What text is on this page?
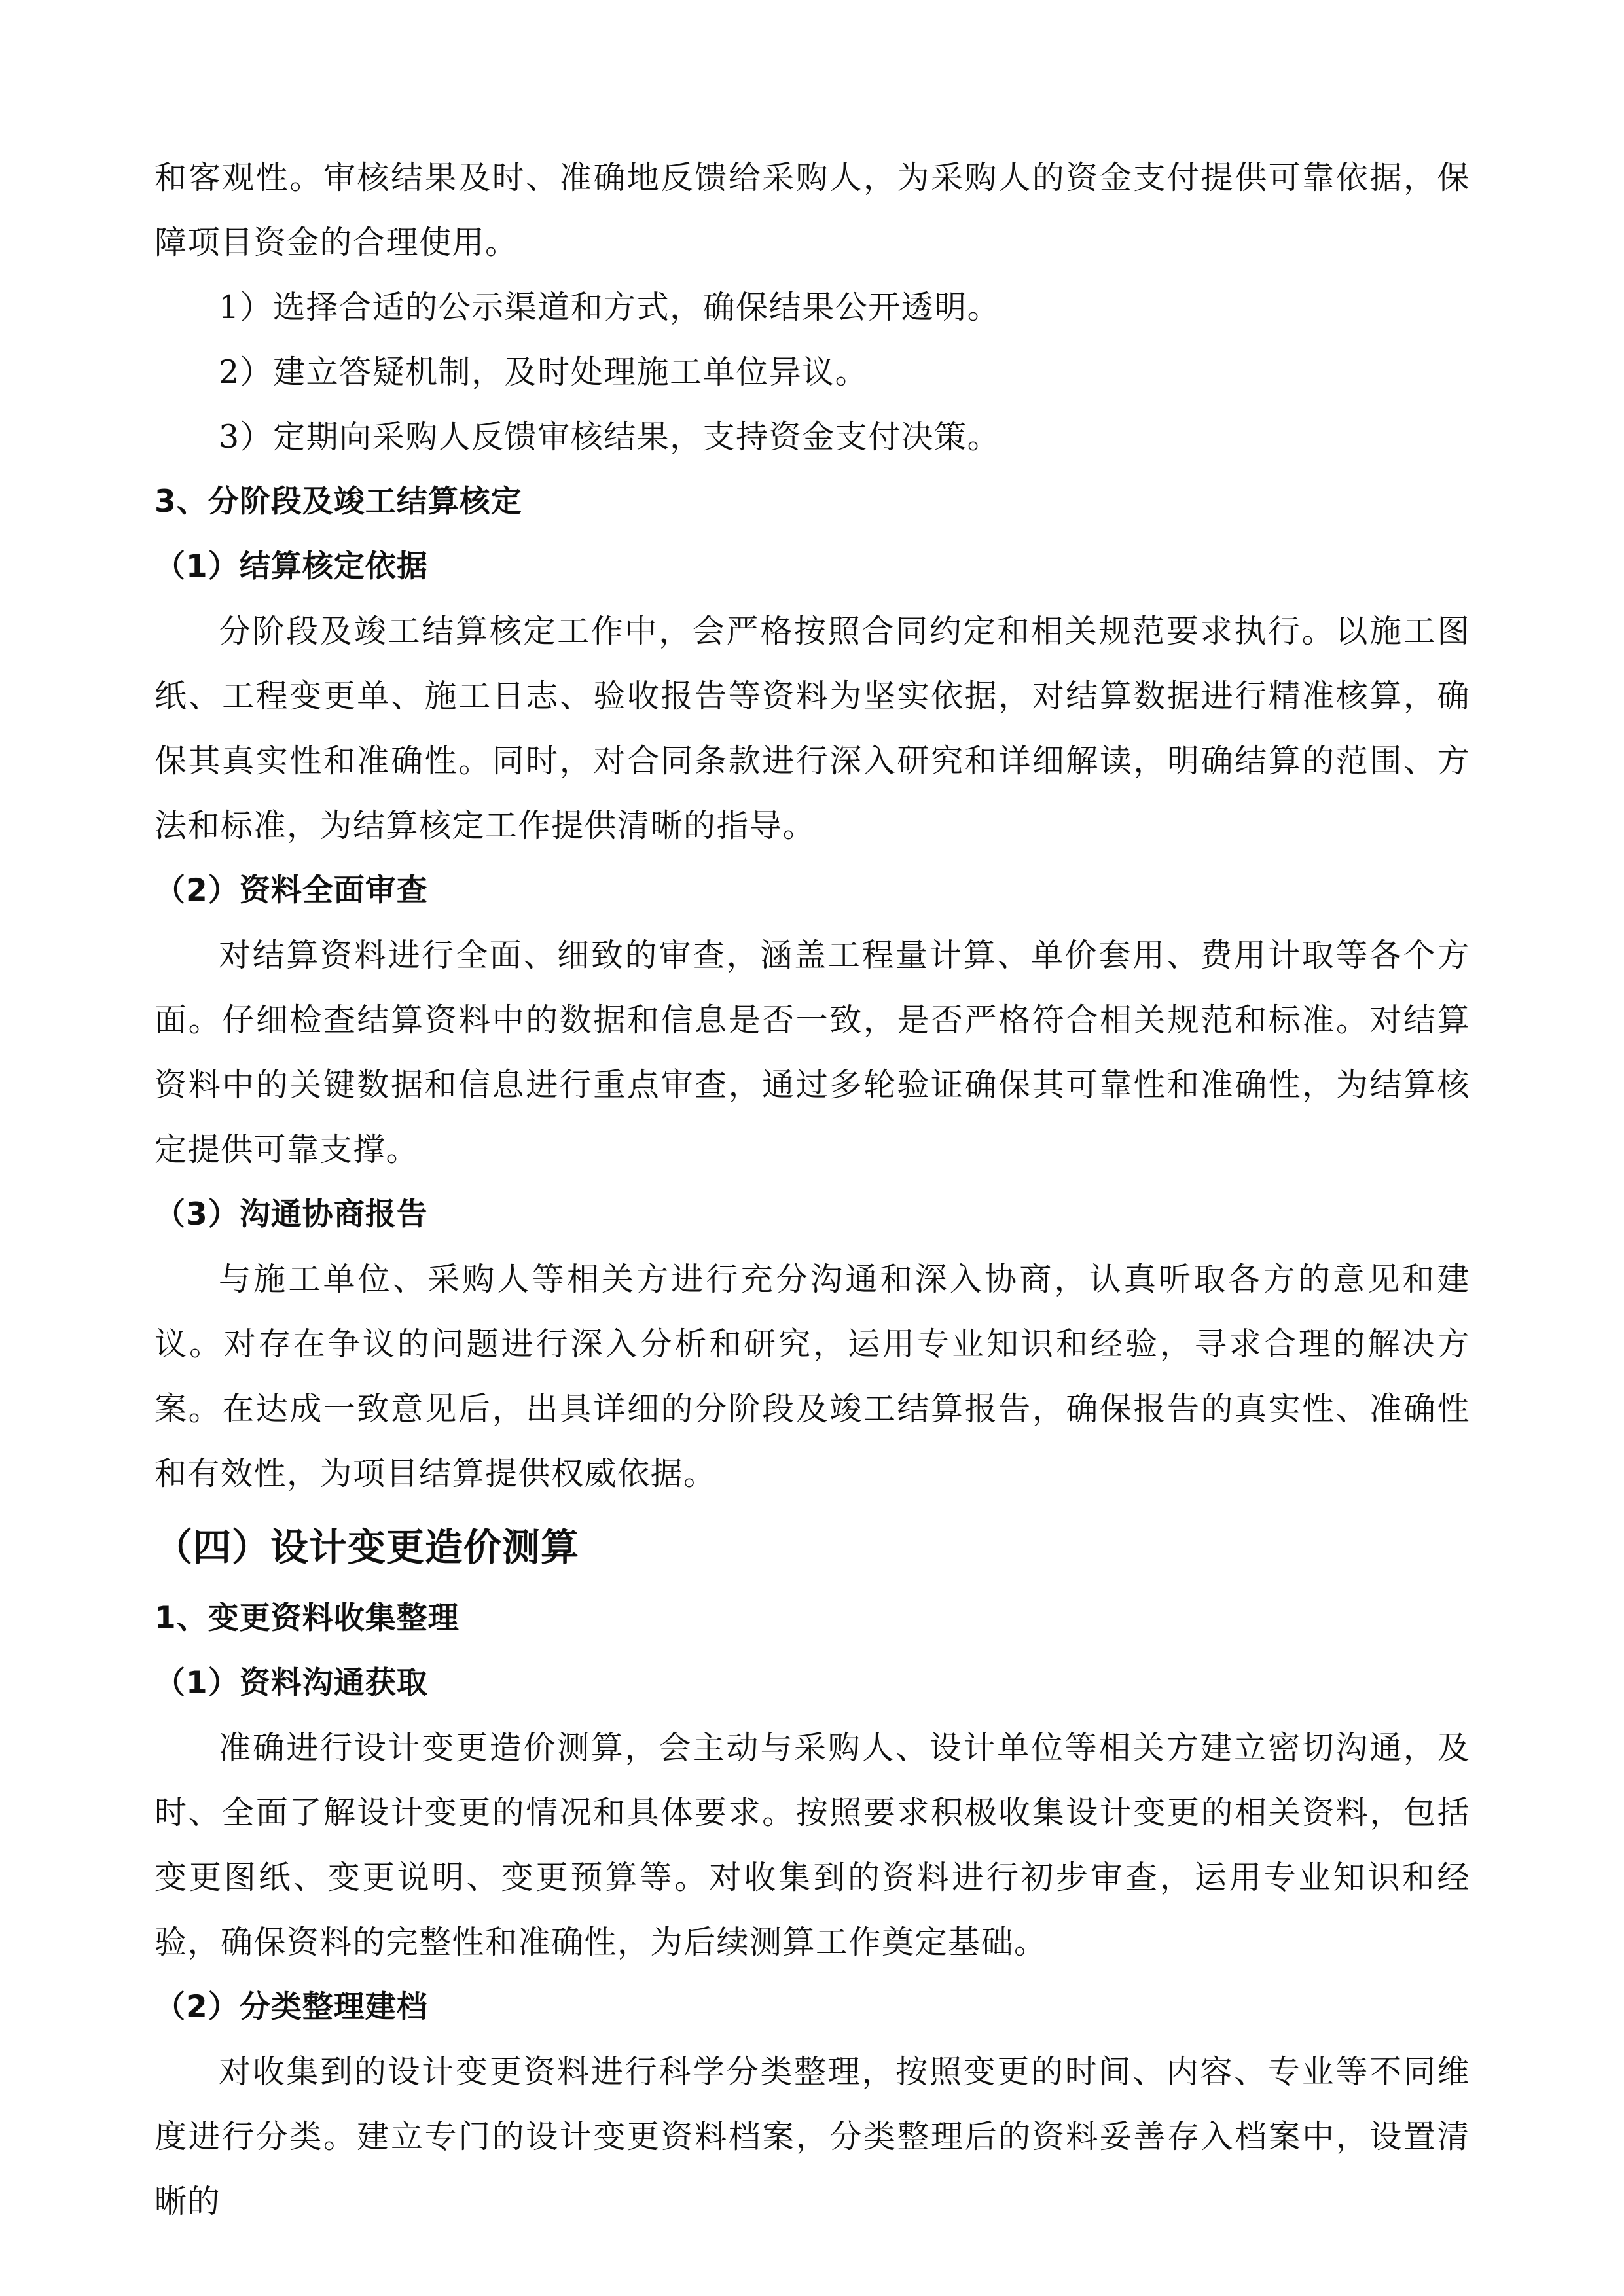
和客观性。审核结果及时、准确地反馈给采购人，为采购人的资金支付提供可靠依据，保障项目资金的合理使用。

1）选择合适的公示渠道和方式，确保结果公开透明。

2）建立答疑机制，及时处理施工单位异议。

3）定期向采购人反馈审核结果，支持资金支付决策。

3、分阶段及竣工结算核定

（1）结算核定依据

分阶段及竣工结算核定工作中，会严格按照合同约定和相关规范要求执行。以施工图纸、工程变更单、施工日志、验收报告等资料为坚实依据，对结算数据进行精准核算，确保其真实性和准确性。同时，对合同条款进行深入研究和详细解读，明确结算的范围、方法和标准，为结算核定工作提供清晰的指导。

（2）资料全面审查

对结算资料进行全面、细致的审查，涵盖工程量计算、单价套用、费用计取等各个方面。仔细检查结算资料中的数据和信息是否一致，是否严格符合相关规范和标准。对结算资料中的关键数据和信息进行重点审查，通过多轮验证确保其可靠性和准确性，为结算核定提供可靠支撑。

（3）沟通协商报告

与施工单位、采购人等相关方进行充分沟通和深入协商，认真听取各方的意见和建议。对存在争议的问题进行深入分析和研究，运用专业知识和经验，寻求合理的解决方案。在达成一致意见后，出具详细的分阶段及竣工结算报告，确保报告的真实性、准确性和有效性，为项目结算提供权威依据。

（四）设计变更造价测算

1、变更资料收集整理

（1）资料沟通获取

准确进行设计变更造价测算，会主动与采购人、设计单位等相关方建立密切沟通，及时、全面了解设计变更的情况和具体要求。按照要求积极收集设计变更的相关资料，包括变更图纸、变更说明、变更预算等。对收集到的资料进行初步审查，运用专业知识和经验，确保资料的完整性和准确性，为后续测算工作奠定基础。

（2）分类整理建档

对收集到的设计变更资料进行科学分类整理，按照变更的时间、内容、专业等不同维度进行分类。建立专门的设计变更资料档案，分类整理后的资料妥善存入档案中，设置清晰的
